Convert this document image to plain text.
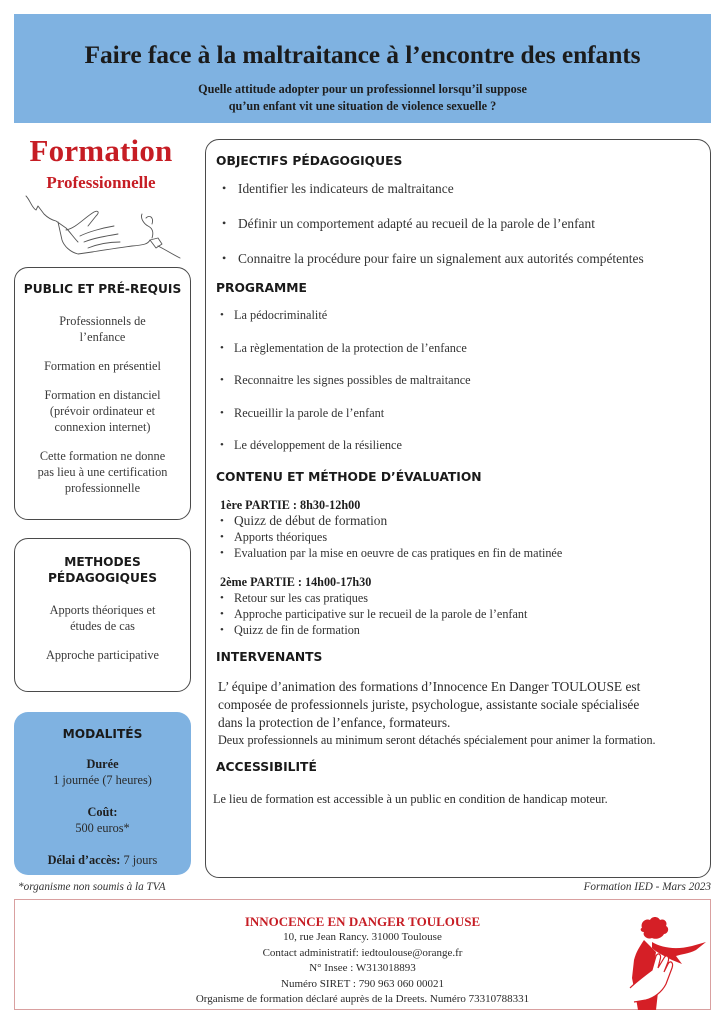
Faire face à la maltraitance à l’encontre des enfants
Quelle attitude adopter pour un professionnel lorsqu’il suppose
qu’un enfant vit une situation de violence sexuelle ?
Formation
Professionnelle
PUBLIC ET PRÉ-REQUIS

Professionnels de l’enfance

Formation en présentiel

Formation en distanciel (prévoir ordinateur et connexion internet)

Cette formation ne donne pas lieu à une certification professionnelle

METHODES
PÉDAGOGIQUES

Apports théoriques et études de cas

Approche participative

MODALITÉS

Durée
1 journée (7 heures)

Coût:
500 euros*

Délai d’accès: 7 jours

*organisme non soumis à la TVA	Formation IED - Mars 2023
OBJECTIFS PÉDAGOGIQUES
• Identifier les indicateurs de maltraitance
• Définir un comportement adapté au recueil de la parole de l’enfant
• Connaitre la procédure pour faire un signalement aux autorités compétentes
PROGRAMME
• La pédocriminalité
• La règlementation de la protection de l’enfance
• Reconnaitre les signes possibles de maltraitance
• Recueillir la parole de l’enfant
• Le développement de la résilience
CONTENU ET MÉTHODE D’ÉVALUATION
1ère PARTIE : 8h30-12h00
• Quizz de début de formation
• Apports théoriques
• Evaluation par la mise en oeuvre de cas pratiques en fin de matinée
2ème PARTIE : 14h00-17h30
• Retour sur les cas pratiques
• Approche participative sur le recueil de la parole de l’enfant
• Quizz de fin de formation
INTERVENANTS
L’ équipe d’animation des formations d’Innocence En Danger TOULOUSE est
composée de professionnels juriste, psychologue, assistante sociale spécialisée
dans la protection de l’enfance, formateurs.
Deux professionnels au minimum seront détachés spécialement pour animer la formation.
ACCESSIBILITÉ
Le lieu de formation est accessible à un public en condition de handicap moteur.
INNOCENCE EN DANGER TOULOUSE
10, rue Jean Rancy. 31000 Toulouse
Contact administratif: iedtoulouse@orange.fr
N° Insee : W313018893
Numéro SIRET : 790 963 060 00021
Organisme de formation déclaré auprès de la Dreets. Numéro 73310788331
